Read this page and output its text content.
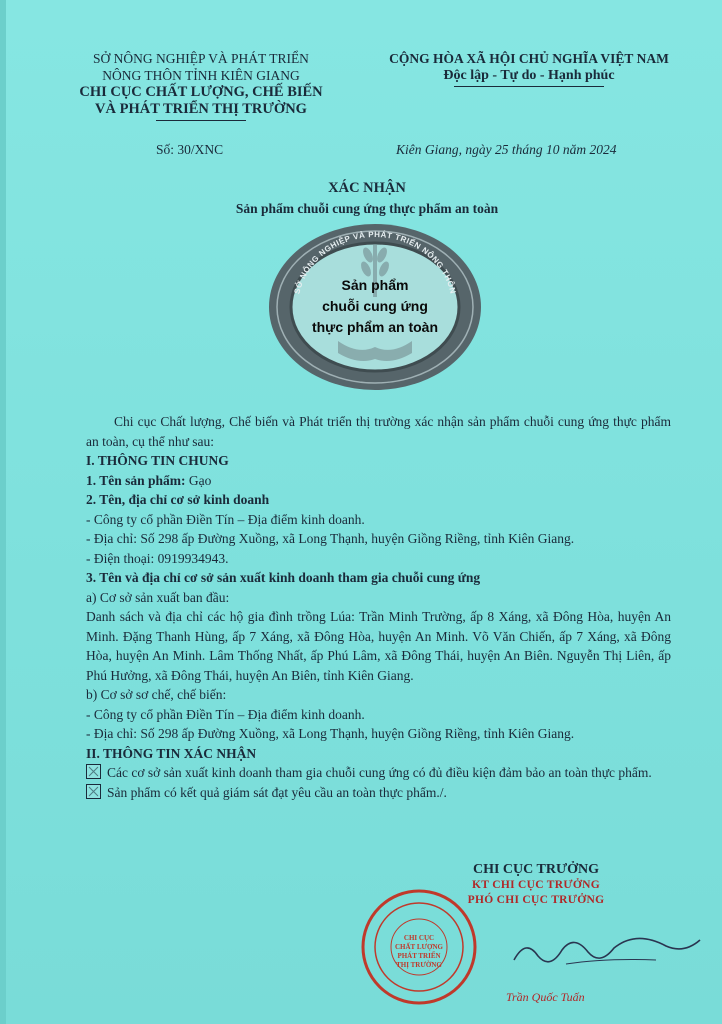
SỞ NÔNG NGHIỆP VÀ PHÁT TRIỂN
NÔNG THÔN TỈNH KIÊN GIANG
CHI CỤC CHẤT LƯỢNG, CHẾ BIẾN
VÀ PHÁT TRIỂN THỊ TRƯỜNG
CỘNG HÒA XÃ HỘI CHỦ NGHĨA VIỆT NAM
Độc lập - Tự do - Hạnh phúc
Số: 30/XNC	Kiên Giang, ngày 25 tháng 10 năm 2024
XÁC NHẬN
Sản phẩm chuỗi cung ứng thực phẩm an toàn
SỞ NÔNG NGHIỆP VÀ PHÁT TRIỂN NÔNG THÔN
Sản phẩm
chuỗi cung ứng
thực phẩm an toàn

Chi cục Chất lượng, Chế biến và Phát triển thị trường xác nhận sản phẩm chuỗi cung ứng thực phẩm an toàn, cụ thể như sau:

I. THÔNG TIN CHUNG

1. Tên sản phẩm: Gạo

2. Tên, địa chỉ cơ sở kinh doanh

- Công ty cổ phần Điền Tín – Địa điểm kinh doanh.

- Địa chỉ: Số 298 ấp Đường Xuồng, xã Long Thạnh, huyện Giồng Riềng, tỉnh Kiên Giang.

- Điện thoại: 0919934943.

3. Tên và địa chỉ cơ sở sản xuất kinh doanh tham gia chuỗi cung ứng

a) Cơ sở sản xuất ban đầu:

Danh sách và địa chỉ các hộ gia đình trồng Lúa: Trần Minh Trường, ấp 8 Xáng, xã Đông Hòa, huyện An Minh. Đặng Thanh Hùng, ấp 7 Xáng, xã Đông Hòa, huyện An Minh. Võ Văn Chiến, ấp 7 Xáng, xã Đông Hòa, huyện An Minh. Lâm Thống Nhất, ấp Phú Lâm, xã Đông Thái, huyện An Biên. Nguyễn Thị Liên, ấp Phú Hưởng, xã Đông Thái, huyện An Biên, tỉnh Kiên Giang.

b) Cơ sở sơ chế, chế biến:

- Công ty cổ phần Điền Tín – Địa điểm kinh doanh.

- Địa chỉ: Số 298 ấp Đường Xuồng, xã Long Thạnh, huyện Giồng Riềng, tỉnh Kiên Giang.

II. THÔNG TIN XÁC NHẬN

Các cơ sở sản xuất kinh doanh tham gia chuỗi cung ứng có đủ điều kiện đảm bảo an toàn thực phẩm.

Sản phẩm có kết quả giám sát đạt yêu cầu an toàn thực phẩm./.

CHI CỤC TRƯỞNG
KT CHI CỤC TRƯỞNG
PHÓ CHI CỤC TRƯỞNG
CHI CỤC
CHẤT LƯỢNG
PHÁT TRIỂN
THỊ TRƯỜNG
Trần Quốc Tuấn
